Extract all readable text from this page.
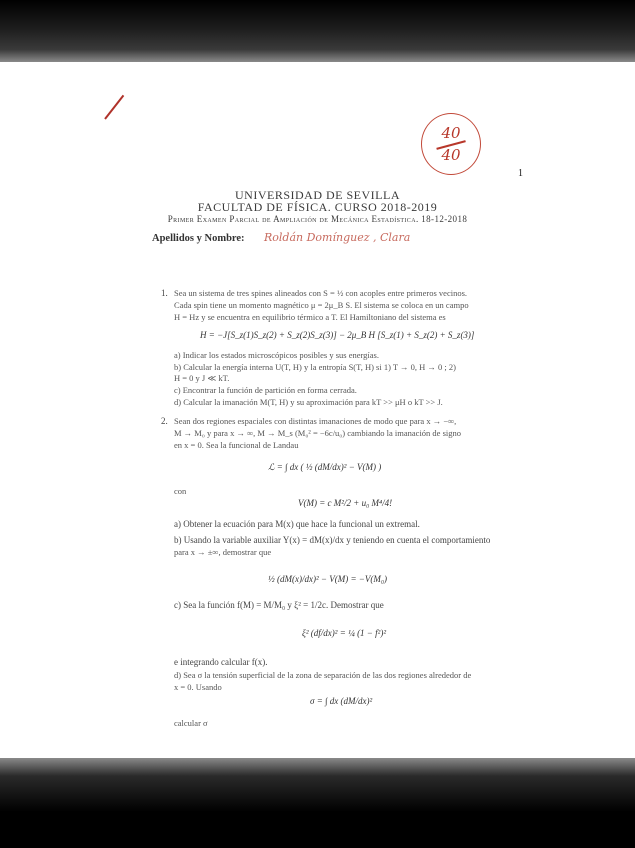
40
40

1

UNIVERSIDAD DE SEVILLA

FACULTAD DE FÍSICA. CURSO 2018-2019

Primer Examen Parcial de Ampliación de Mecánica Estadística. 18-12-2018

Apellidos y Nombre: Roldán Domínguez , Clara

1. Sea un sistema de tres spines alineados con S = ½ con acoples entre primeros vecinos.

Cada spin tiene un momento magnético μ = 2μ_B S. El sistema se coloca en un campo

H = Hz y se encuentra en equilibrio térmico a T. El Hamiltoniano del sistema es

H = −J[S_z(1)S_z(2) + S_z(2)S_z(3)] − 2μ_B H [S_z(1) + S_z(2) + S_z(3)]

a) Indicar los estados microscópicos posibles y sus energías.

b) Calcular la energía interna U(T, H) y la entropía S(T, H) si 1) T → 0, H → 0 ; 2)

H = 0 y J ≪ kT.

c) Encontrar la función de partición en forma cerrada.

d) Calcular la imanación M(T, H) y su aproximación para kT >> μH o kT >> J.

2. Sean dos regiones espaciales con distintas imanaciones de modo que para x → −∞,

M → M₀ y para x → ∞, M → M_s (M₀² = −6c/u₀) cambiando la imanación de signo

en x = 0. Sea la funcional de Landau

ℒ = ∫ dx ( ½ (dM/dx)² − V(M) )

con

V(M) = c M²/2 + u₀ M⁴/4!

a) Obtener la ecuación para M(x) que hace la funcional un extremal.

b) Usando la variable auxiliar Y(x) = dM(x)/dx y teniendo en cuenta el comportamiento

para x → ±∞, demostrar que

½ (dM(x)/dx)² − V(M) = −V(M₀)

c) Sea la función f(M) = M/M₀ y ξ² = 1/2c. Demostrar que

ξ² (df/dx)² = ¼ (1 − f²)²

e integrando calcular f(x).

d) Sea σ la tensión superficial de la zona de separación de las dos regiones alrededor de

x = 0. Usando

σ = ∫ dx (dM/dx)²

calcular σ
